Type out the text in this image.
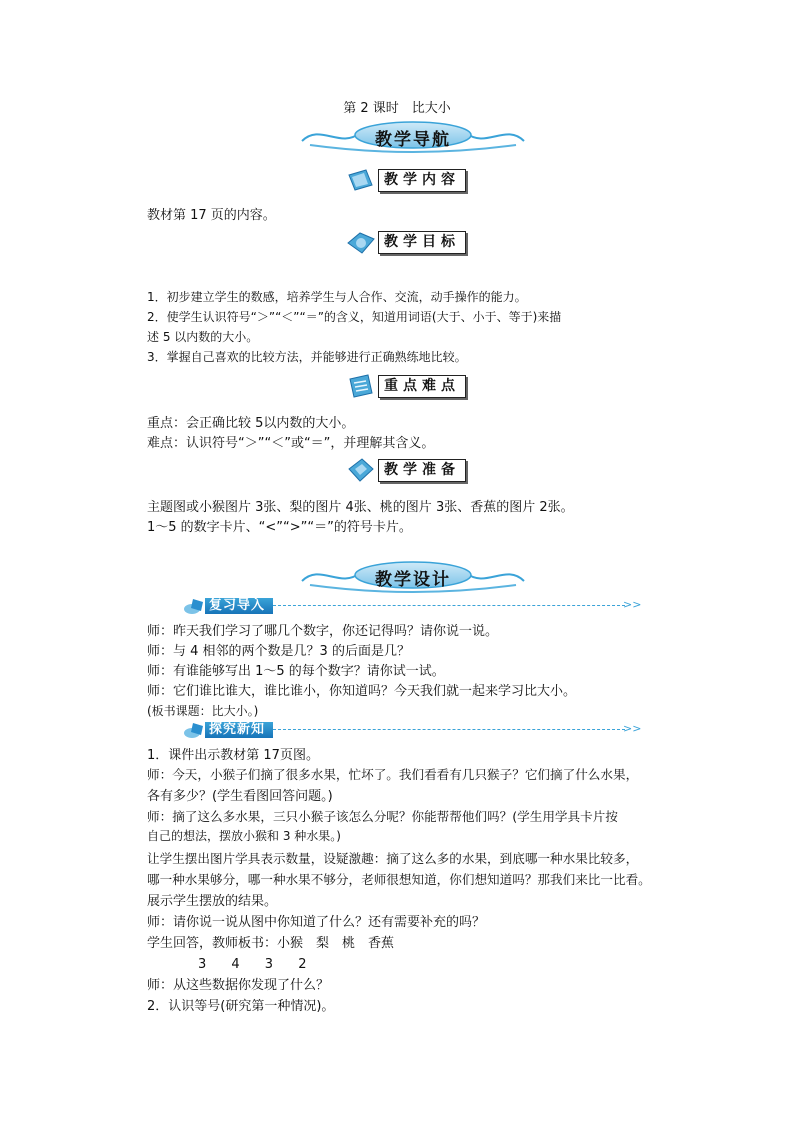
第 2 课时　比大小
教学导航
教学内容
教材第 17 页的内容。
教学目标
1．初步建立学生的数感，培养学生与人合作、交流，动手操作的能力。
2．使学生认识符号“＞”“＜”“＝”的含义，知道用词语(大于、小于、等于)来描
述 5 以内数的大小。
3．掌握自己喜欢的比较方法，并能够进行正确熟练地比较。
重点难点
重点：会正确比较 5以内数的大小。
难点：认识符号“＞”“＜”或“＝”，并理解其含义。
教学准备
主题图或小猴图片 3张、梨的图片 4张、桃的图片 3张、香蕉的图片 2张。
1～5 的数字卡片、“<”“>”“＝”的符号卡片。
教学设计
复习导入	>>
师：昨天我们学习了哪几个数字，你还记得吗？请你说一说。
师：与 4 相邻的两个数是几？3 的后面是几？
师：有谁能够写出 1～5 的每个数字？请你试一试。
师：它们谁比谁大，谁比谁小，你知道吗？今天我们就一起来学习比大小。
(板书课题：比大小。)
探究新知	>>
1．课件出示教材第 17页图。
师：今天，小猴子们摘了很多水果，忙坏了。我们看看有几只猴子？它们摘了什么水果，
各有多少？(学生看图回答问题。)
师：摘了这么多水果，三只小猴子该怎么分呢？你能帮帮他们吗？(学生用学具卡片按
自己的想法，摆放小猴和 3 种水果。)
让学生摆出图片学具表示数量，设疑激趣：摘了这么多的水果，到底哪一种水果比较多，
哪一种水果够分，哪一种水果不够分，老师很想知道，你们想知道吗？那我们来比一比看。
展示学生摆放的结果。
师：请你说一说从图中你知道了什么？还有需要补充的吗？
学生回答，教师板书：小猴　梨　桃　香蕉
3　 4　 3　 2
师：从这些数据你发现了什么？
2．认识等号(研究第一种情况)。
